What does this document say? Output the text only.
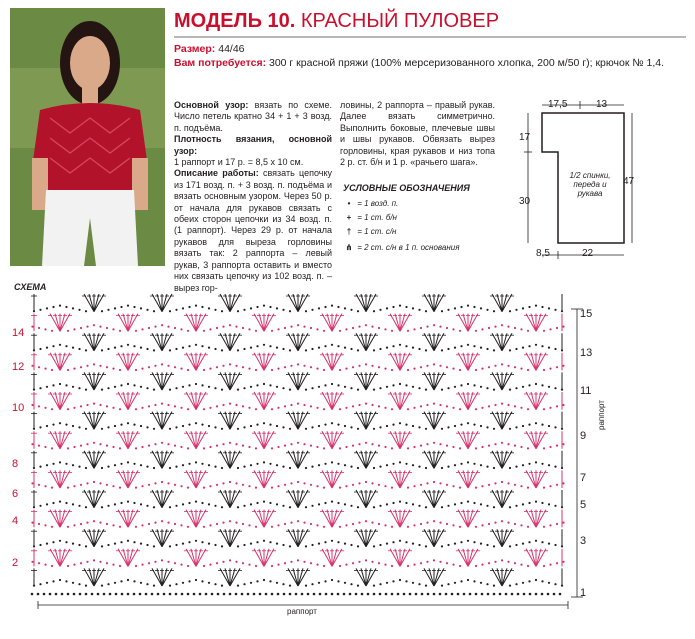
МОДЕЛЬ 10. КРАСНЫЙ ПУЛОВЕР
Размер: 44/46
Вам потребуется: 300 г красной пряжи (100% мерсеризованного хлопка, 200 м/50 г); крючок № 1,4.
Основной узор: вязать по схеме. Число петель кратно 34 + 1 + 3 возд. п. подъёма.
Плотность вязания, основной узор:
1 раппорт и 17 р. = 8,5 х 10 см.
Описание работы: связать цепочку из 171 возд. п. + 3 возд. п. подъёма и вязать основным узором. Через 50 р. от начала для рукавов связать с обеих сторон цепочки из 34 возд. п. (1 раппорт). Через 29 р. от начала рукавов для выреза горловины вязать так: 2 раппорта – левый рукав, 3 раппорта оставить и вместо них связать цепочку из 102 возд. п. – вырез гор-
ловины, 2 раппорта – правый рукав. Далее вязать симметрично. Выполнить боковые, плечевые швы и швы рукавов. Обвязать вырез горловины, края рукавов и низ топа 2 р. ст. б/н и 1 р. «рачьего шага».
УСЛОВНЫЕ ОБОЗНАЧЕНИЯ
• = 1 возд. п.
+ = 1 ст. б/н
† = 1 ст. с/н
⋔ = 2 ст. с/н в 1 п. основания
17,5	13
17
30
47
8,5	22
1/2 спинки, переда и рукава
СХЕМА
14
12
10
8
6
4
2
15
13
11
9
7
5
3
1
раппорт
раппорт
